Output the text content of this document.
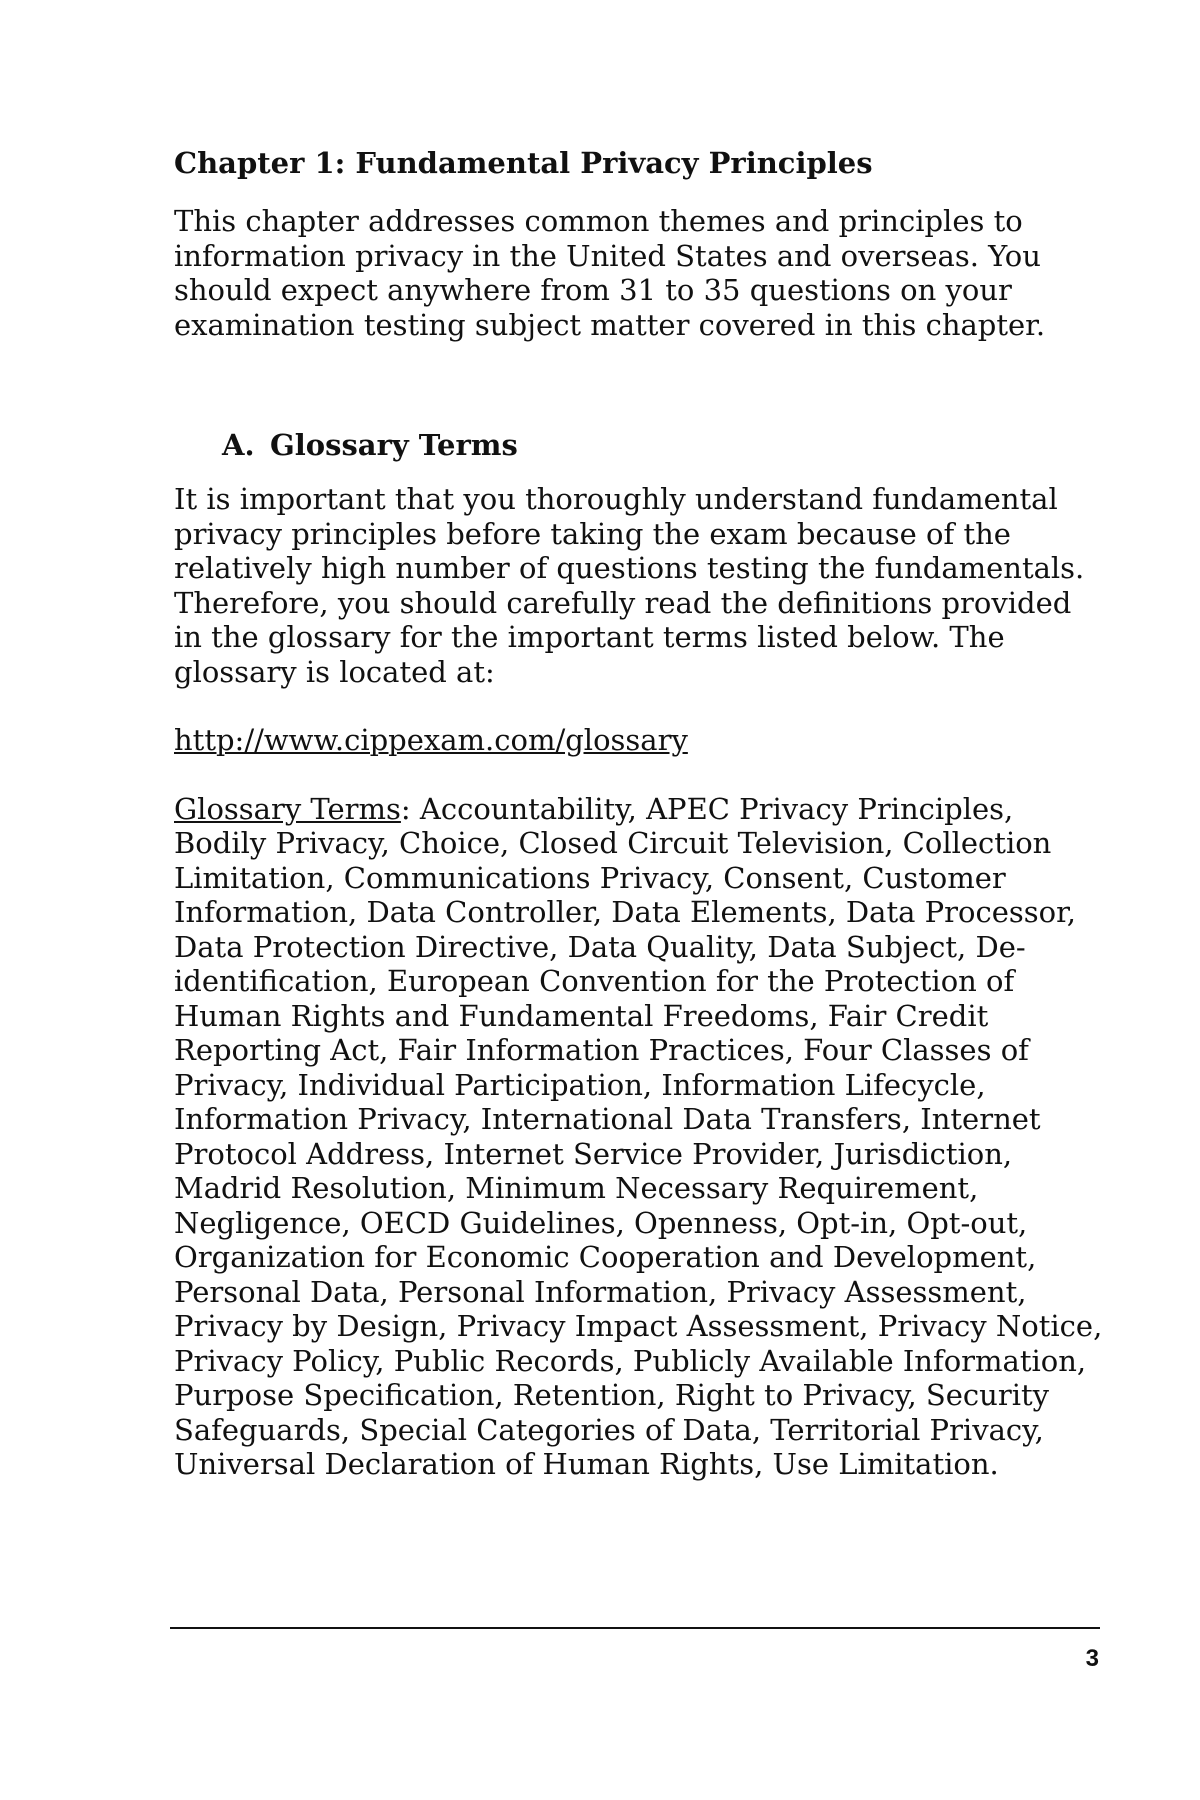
Chapter 1: Fundamental Privacy Principles

This chapter addresses common themes and principles to information privacy in the United States and overseas. You should expect anywhere from 31 to 35 questions on your examination testing subject matter covered in this chapter.

A. Glossary Terms

It is important that you thoroughly understand fundamental privacy principles before taking the exam because of the relatively high number of questions testing the fundamentals. Therefore, you should carefully read the definitions provided in the glossary for the important terms listed below. The glossary is located at:

http://www.cippexam.com/glossary

Glossary Terms: Accountability, APEC Privacy Principles, Bodily Privacy, Choice, Closed Circuit Television, Collection Limitation, Communications Privacy, Consent, Customer Information, Data Controller, Data Elements, Data Processor, Data Protection Directive, Data Quality, Data Subject, De-identification, European Convention for the Protection of Human Rights and Fundamental Freedoms, Fair Credit Reporting Act, Fair Information Practices, Four Classes of Privacy, Individual Participation, Information Lifecycle, Information Privacy, International Data Transfers, Internet Protocol Address, Internet Service Provider, Jurisdiction, Madrid Resolution, Minimum Necessary Requirement, Negligence, OECD Guidelines, Openness, Opt-in, Opt-out, Organization for Economic Cooperation and Development, Personal Data, Personal Information, Privacy Assessment, Privacy by Design, Privacy Impact Assessment, Privacy Notice, Privacy Policy, Public Records, Publicly Available Information, Purpose Specification, Retention, Right to Privacy, Security Safeguards, Special Categories of Data, Territorial Privacy, Universal Declaration of Human Rights, Use Limitation.

3
